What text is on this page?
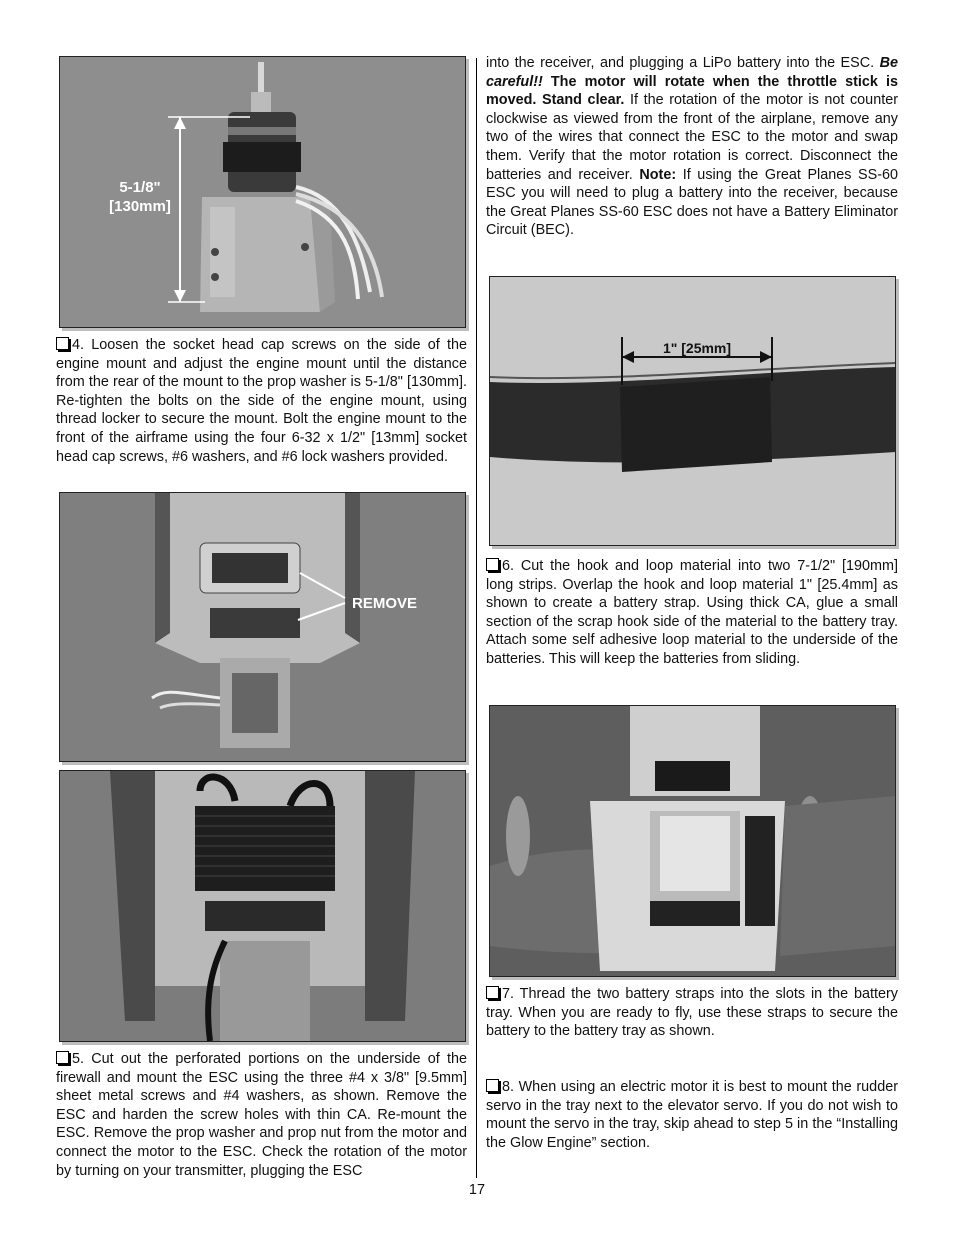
5-1/8"
[130mm]
4. Loosen the socket head cap screws on the side of the engine mount and adjust the engine mount until the distance from the rear of the mount to the prop washer is 5-1/8" [130mm]. Re-tighten the bolts on the side of the engine mount, using thread locker to secure the mount. Bolt the engine mount to the front of the airframe using the four 6-32 x 1/2" [13mm] socket head cap screws, #6 washers, and #6 lock washers provided.
REMOVE
5. Cut out the perforated portions on the underside of the firewall and mount the ESC using the three #4 x 3/8" [9.5mm] sheet metal screws and #4 washers, as shown. Remove the ESC and harden the screw holes with thin CA. Re-mount the ESC. Remove the prop washer and prop nut from the motor and connect the motor to the ESC. Check the rotation of the motor by turning on your transmitter, plugging the ESC
into the receiver, and plugging a LiPo battery into the ESC. Be careful!! The motor will rotate when the throttle stick is moved. Stand clear. If the rotation of the motor is not counter clockwise as viewed from the front of the airplane, remove any two of the wires that connect the ESC to the motor and swap them. Verify that the motor rotation is correct. Disconnect the batteries and receiver. Note: If using the Great Planes SS-60 ESC you will need to plug a battery into the receiver, because the Great Planes SS-60 ESC does not have a Battery Eliminator Circuit (BEC).
1" [25mm]
6. Cut the hook and loop material into two 7-1/2" [190mm] long strips. Overlap the hook and loop material 1" [25.4mm] as shown to create a battery strap. Using thick CA, glue a small section of the scrap hook side of the material to the battery tray. Attach some self adhesive loop material to the underside of the batteries. This will keep the batteries from sliding.
7. Thread the two battery straps into the slots in the battery tray. When you are ready to fly, use these straps to secure the battery to the battery tray as shown.
8. When using an electric motor it is best to mount the rudder servo in the tray next to the elevator servo. If you do not wish to mount the servo in the tray, skip ahead to step 5 in the “Installing the Glow Engine” section.
17
